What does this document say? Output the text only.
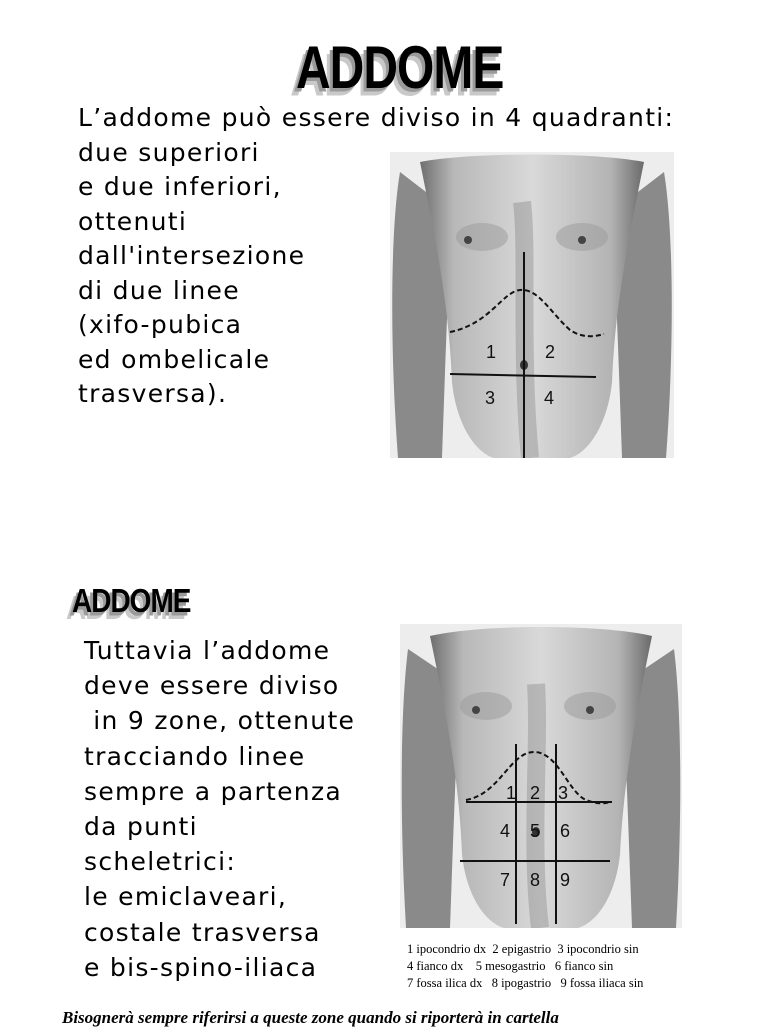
ADDOME
L’addome può essere diviso in 4 quadranti:
due superiori
e due inferiori,
ottenuti
dall'intersezione
di due linee
(xifo-pubica
ed ombelicale
trasversa).
1	2
3	4
ADDOME
Tuttavia l’addome
deve essere diviso
in 9 zone, ottenute
tracciando linee
sempre a partenza
da punti
scheletrici:
le emiclaveari,
costale trasversa
e bis-spino-iliaca
1 2 3
4 5 6
7 8 9
1 ipocondrio dx  2 epigastrio  3 ipocondrio sin
4 fianco dx    5 mesogastrio   6 fianco sin
7 fossa ilica dx   8 ipogastrio   9 fossa iliaca sin
Bisognerà sempre riferirsi a queste zone quando si riporterà in cartella
